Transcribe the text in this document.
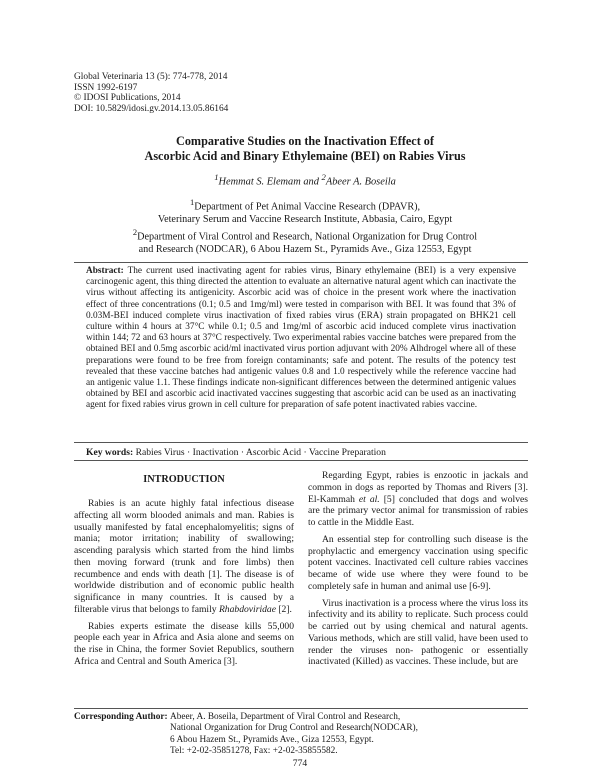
Global Veterinaria 13 (5): 774-778, 2014
ISSN 1992-6197
© IDOSI Publications, 2014
DOI: 10.5829/idosi.gv.2014.13.05.86164
Comparative Studies on the Inactivation Effect of
Ascorbic Acid and Binary Ethylemaine (BEI) on Rabies Virus
$^1$Hemmat S. Elemam and $^2$Abeer A. Boseila
$^1$Department of Pet Animal Vaccine Research (DPAVR),
Veterinary Serum and Vaccine Research Institute, Abbasia, Cairo, Egypt
$^2$Department of Viral Control and Research, National Organization for Drug Control
and Research (NODCAR), 6 Abou Hazem St., Pyramids Ave., Giza 12553, Egypt
Abstract: The current used inactivating agent for rabies virus, Binary ethylemaine (BEI) is a very expensive carcinogenic agent, this thing directed the attention to evaluate an alternative natural agent which can inactivate the virus without affecting its antigenicity. Ascorbic acid was of choice in the present work where the inactivation effect of three concentrations (0.1; 0.5 and 1mg/ml) were tested in comparison with BEI. It was found that 3% of 0.03M-BEI induced complete virus inactivation of fixed rabies virus (ERA) strain propagated on BHK21 cell culture within 4 hours at 37°C while 0.1; 0.5 and 1mg/ml of ascorbic acid induced complete virus inactivation within 144; 72 and 63 hours at 37°C respectively. Two experimental rabies vaccine batches were prepared from the obtained BEI and 0.5mg ascorbic acid/ml inactivated virus portion adjuvant with 20% Alhdrogel where all of these preparations were found to be free from foreign contaminants; safe and potent. The results of the potency test revealed that these vaccine batches had antigenic values 0.8 and 1.0 respectively while the reference vaccine had an antigenic value 1.1. These findings indicate non-significant differences between the determined antigenic values obtained by BEI and ascorbic acid inactivated vaccines suggesting that ascorbic acid can be used as an inactivating agent for fixed rabies virus grown in cell culture for preparation of safe potent inactivated rabies vaccine.
Key words: Rabies Virus · Inactivation · Ascorbic Acid · Vaccine Preparation
INTRODUCTION

Rabies is an acute highly fatal infectious disease affecting all worm blooded animals and man. Rabies is usually manifested by fatal encephalomyelitis; signs of mania; motor irritation; inability of swallowing; ascending paralysis which started from the hind limbs then moving forward (trunk and fore limbs) then recumbence and ends with death [1]. The disease is of worldwide distribution and of economic public health significance in many countries. It is caused by a filterable virus that belongs to family Rhabdoviridae [2].

Rabies experts estimate the disease kills 55,000 people each year in Africa and Asia alone and seems on the rise in China, the former Soviet Republics, southern Africa and Central and South America [3].

Regarding Egypt, rabies is enzootic in jackals and common in dogs as reported by Thomas and Rivers [3]. El-Kammah et al. [5] concluded that dogs and wolves are the primary vector animal for transmission of rabies to cattle in the Middle East.

An essential step for controlling such disease is the prophylactic and emergency vaccination using specific potent vaccines. Inactivated cell culture rabies vaccines became of wide use where they were found to be completely safe in human and animal use [6-9].

Virus inactivation is a process where the virus loss its infectivity and its ability to replicate. Such process could be carried out by using chemical and natural agents. Various methods, which are still valid, have been used to render the viruses non- pathogenic or essentially inactivated (Killed) as vaccines. These include, but are

Corresponding Author: Abeer, A. Boseila, Department of Viral Control and Research,
National Organization for Drug Control and Research(NODCAR),
6 Abou Hazem St., Pyramids Ave., Giza 12553, Egypt.
Tel: +2-02-35851278, Fax: +2-02-35855582.
774
